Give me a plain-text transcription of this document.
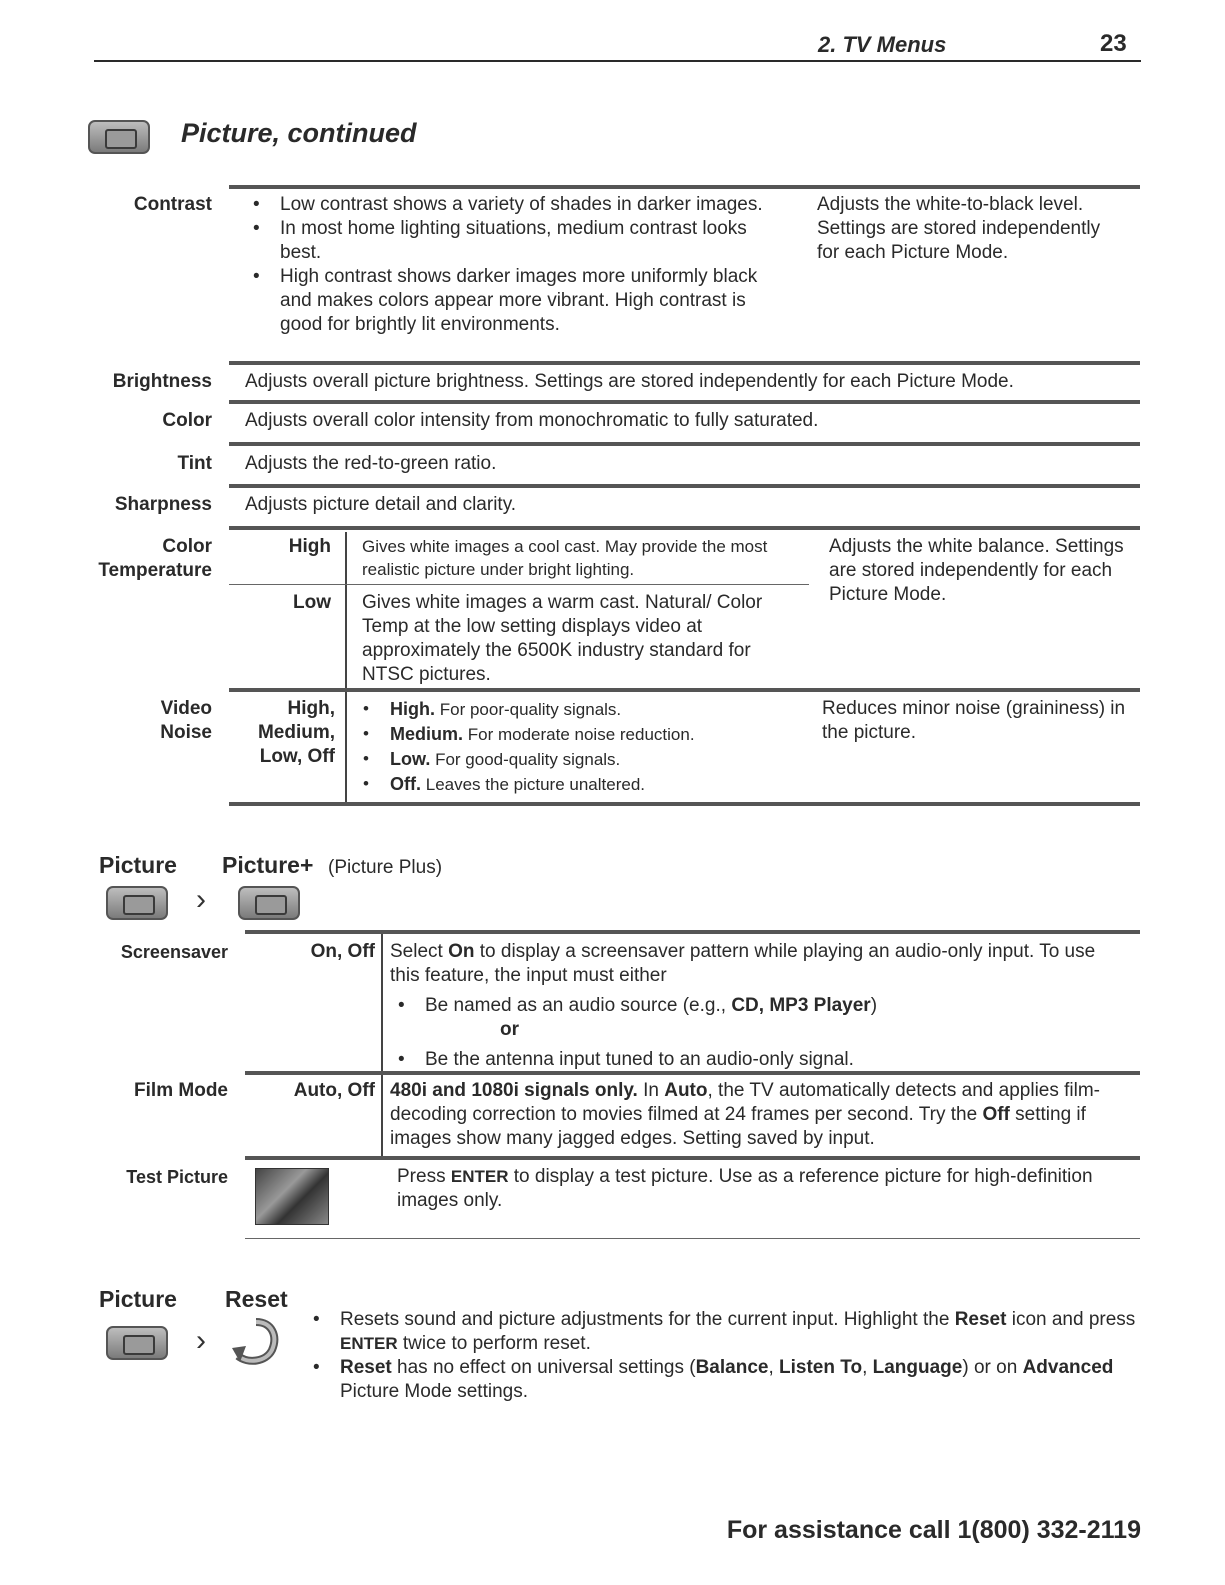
2. TV Menus	23
Picture, continued
Contrast
•	Low contrast shows a variety of shades in darker images.
• In most home lighting situations, medium contrast looks best.
• High contrast shows darker images more uniformly black and makes colors appear more vibrant. High contrast is good for brightly lit environments.
Adjusts the white-to-black level. Settings are stored independently for each Picture Mode.
Brightness Adjusts overall picture brightness. Settings are stored independently for each Picture Mode.
Color Adjusts overall color intensity from monochromatic to fully saturated.
Tint Adjusts the red-to-green ratio.
Sharpness Adjusts picture detail and clarity.
Color
Temperature
High Gives white images a cool cast. May provide the most realistic picture under bright lighting.
Low Gives white images a warm cast. Natural/ Color Temp at the low setting displays video at approximately the 6500K industry standard for NTSC pictures.
Adjusts the white balance. Settings are stored independently for each Picture Mode.
Video
Noise
High,
Medium,
Low, Off
• High. For poor-quality signals.
• Medium. For moderate noise reduction.
• Low. For good-quality signals.
• Off. Leaves the picture unaltered.
Reduces minor noise (graininess) in the picture.
Picture Picture+ (Picture Plus)
›
Screensaver	On, Off Select On to display a screensaver pattern while playing an audio-only input. To use this feature, the input must either
• Be named as an audio source (e.g., CD, MP3 Player)
or
• Be the antenna input tuned to an audio-only signal.
Film Mode	Auto, Off 480i and 1080i signals only. In Auto, the TV automatically detects and applies film-decoding correction to movies filmed at 24 frames per second. Try the Off setting if images show many jagged edges. Setting saved by input.
Test Picture	Press ENTER to display a test picture. Use as a reference picture for high-definition images only.
Picture Reset
›
• Resets sound and picture adjustments for the current input. Highlight the Reset icon and press ENTER twice to perform reset.
• Reset has no effect on universal settings (Balance, Listen To, Language) or on Advanced Picture Mode settings.
For assistance call 1(800) 332-2119
